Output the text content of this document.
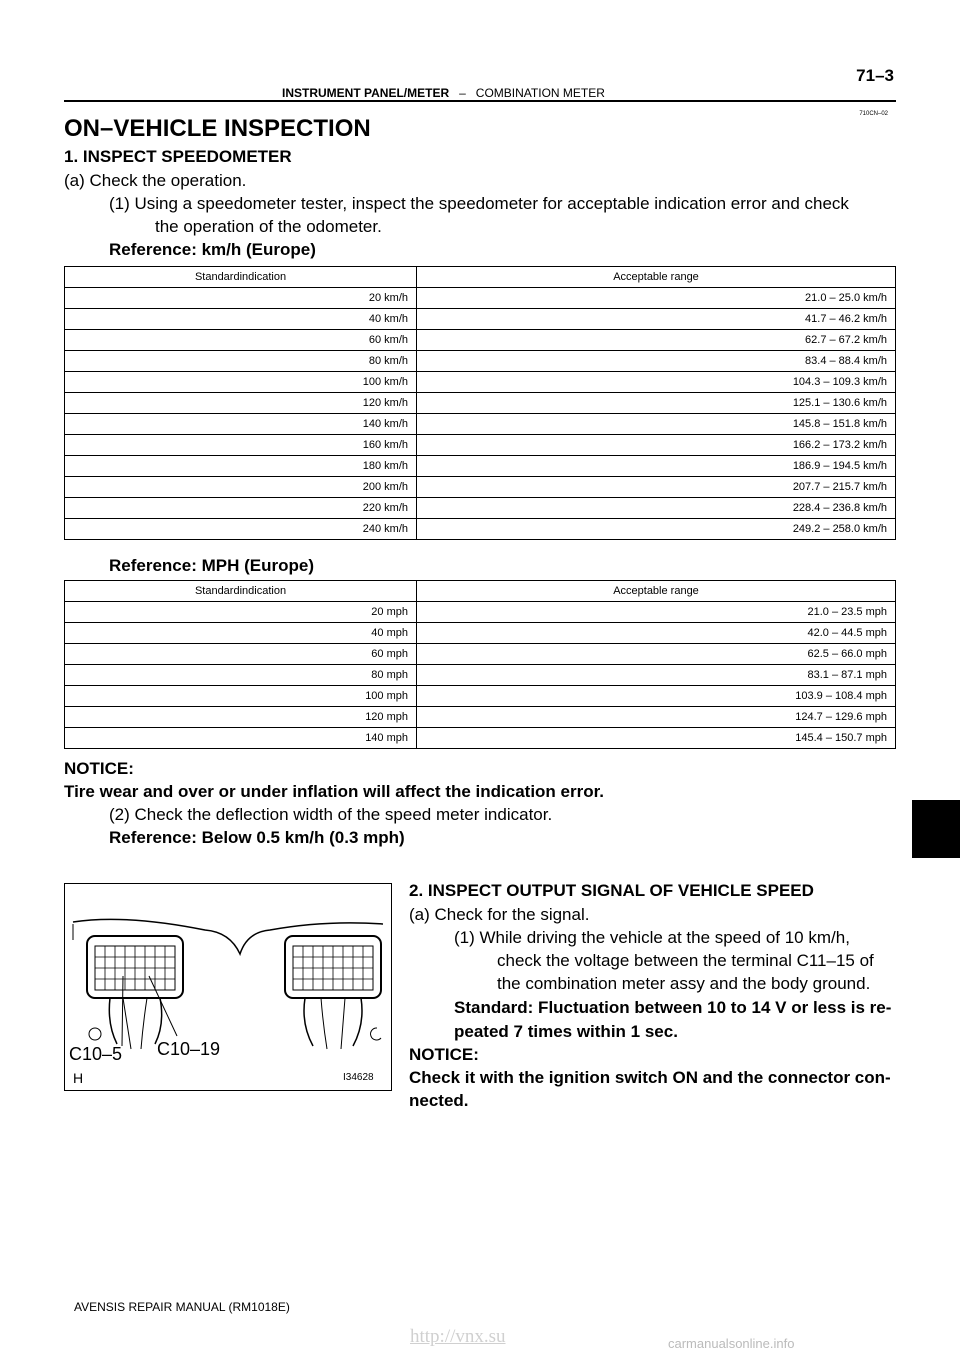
71–3
INSTRUMENT PANEL/METER – COMBINATION METER
710CN–02
ON–VEHICLE INSPECTION
1. INSPECT SPEEDOMETER
(a) Check the operation.
(1) Using a speedometer tester, inspect the speedometer for acceptable indication error and check
the operation of the odometer.
Reference: km/h (Europe)
Standardindication	Acceptable range
20 km/h	21.0 – 25.0 km/h
40 km/h	41.7 – 46.2 km/h
60 km/h	62.7 – 67.2 km/h
80 km/h	83.4 – 88.4 km/h
100 km/h	104.3 – 109.3 km/h
120 km/h	125.1 – 130.6 km/h
140 km/h	145.8 – 151.8 km/h
160 km/h	166.2 – 173.2 km/h
180 km/h	186.9 – 194.5 km/h
200 km/h	207.7 – 215.7 km/h
220 km/h	228.4 – 236.8 km/h
240 km/h	249.2 – 258.0 km/h
Reference: MPH (Europe)
Standardindication	Acceptable range
20 mph	21.0 – 23.5 mph
40 mph	42.0 – 44.5 mph
60 mph	62.5 – 66.0 mph
80 mph	83.1 – 87.1 mph
100 mph	103.9 – 108.4 mph
120 mph	124.7 – 129.6 mph
140 mph	145.4 – 150.7 mph
NOTICE:
Tire wear and over or under inflation will affect the indication error.
(2) Check the deflection width of the speed meter indicator.
Reference: Below 0.5 km/h (0.3 mph)
C10–5 C10–19
H	I34628
2. INSPECT OUTPUT SIGNAL OF VEHICLE SPEED
(a) Check for the signal.
(1) While driving the vehicle at the speed of 10 km/h,
check the voltage between the terminal C11–15 of
the combination meter assy and the body ground.
Standard: Fluctuation between 10 to 14 V or less is re-
peated 7 times within 1 sec.
NOTICE:
Check it with the ignition switch ON and the connector con-
nected.
AVENSIS REPAIR MANUAL (RM1018E)
http://vnx.su	carmanualsonline.info
